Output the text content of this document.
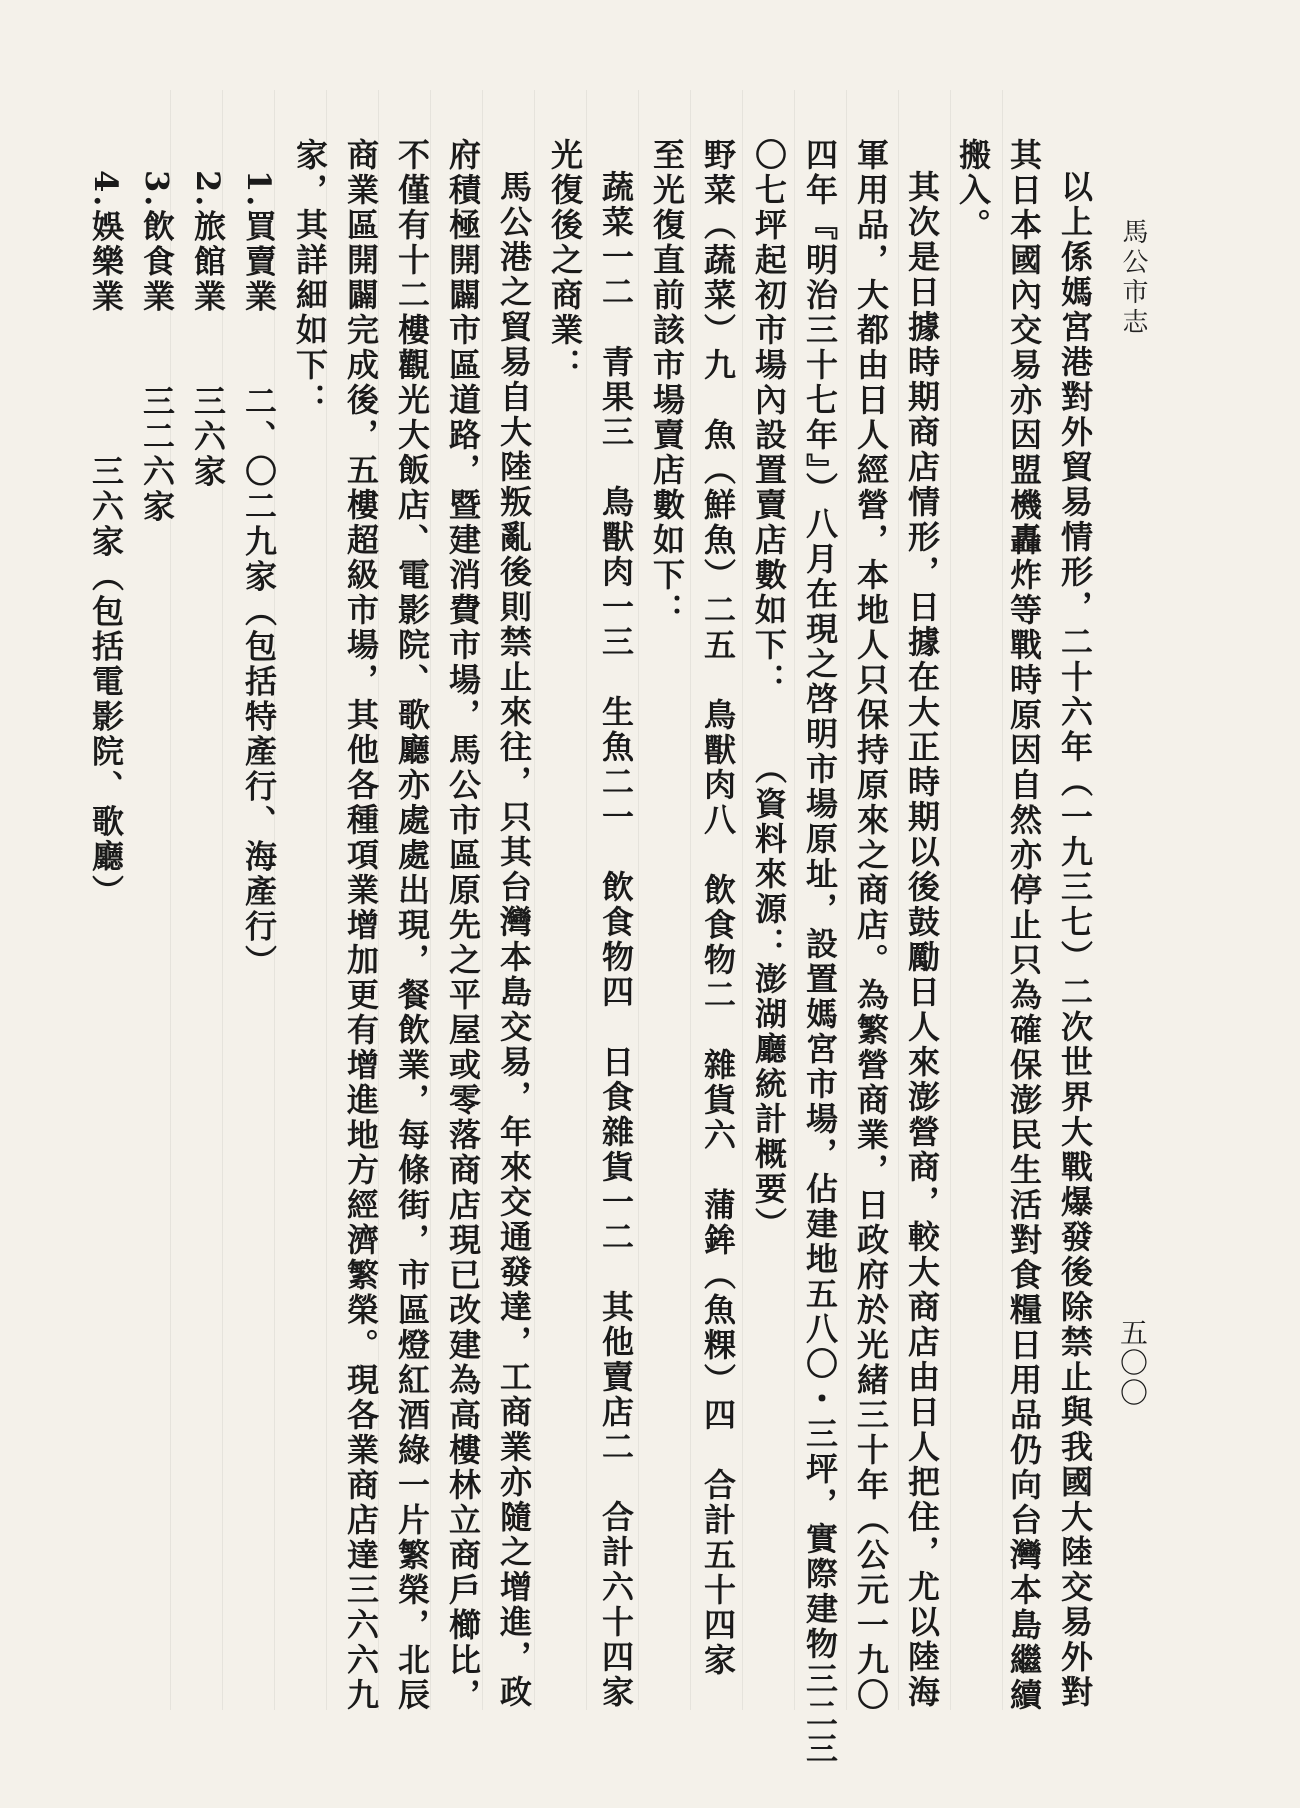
馬公市志
五〇〇
以上係媽宮港對外貿易情形，二十六年（一九三七）二次世界大戰爆發後除禁止與我國大陸交易外對
其日本國內交易亦因盟機轟炸等戰時原因自然亦停止只為確保澎民生活對食糧日用品仍向台灣本島繼續
搬入。
其次是日據時期商店情形，日據在大正時期以後鼓勵日人來澎營商，較大商店由日人把住，尤以陸海
軍用品，大都由日人經營，本地人只保持原來之商店。為繁營商業，日政府於光緒三十年（公元一九〇
四年『明治三十七年』）八月在現之啓明市場原址，設置媽宮市場，佔建地五八〇・三坪，實際建物三二三
〇七坪起初市場內設置賣店數如下：　　（資料來源：澎湖廳統計概要）
野菜（蔬菜）九　魚（鮮魚）二五　鳥獸肉八　飲食物二　雜貨六　蒲鉾（魚粿）四　合計五十四家
至光復直前該市場賣店數如下：
蔬菜一二　青果三　鳥獸肉一三　生魚二一　飲食物四　日食雜貨一二　其他賣店二　合計六十四家
光復後之商業：
馬公港之貿易自大陸叛亂後則禁止來往，只其台灣本島交易，年來交通發達，工商業亦隨之增進，政
府積極開闢市區道路，暨建消費市場，馬公市區原先之平屋或零落商店現已改建為高樓林立商戶櫛比，
不僅有十二樓觀光大飯店、電影院、歌廳亦處處出現，餐飲業，每條街，市區燈紅酒綠一片繁榮，北辰
商業區開闢完成後，五樓超級市場，其他各種項業增加更有增進地方經濟繁榮。現各業商店達三六六九
家，其詳細如下：
1.買賣業　　二、〇二九家（包括特產行、海產行）
2.旅館業　　三六家
3.飲食業　　三二六家
4.娛樂業　　　　三六家（包括電影院、歌廳）
